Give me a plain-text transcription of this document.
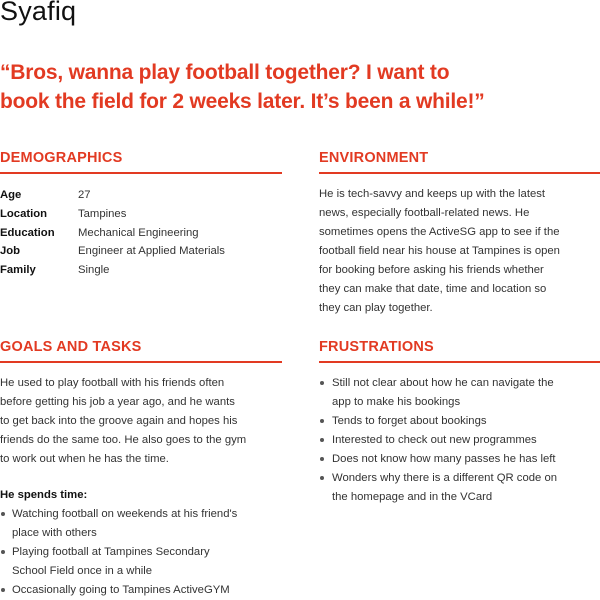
Syafiq
“Bros, wanna play football together? I want to
book the field for 2 weeks later. It’s been a while!”
DEMOGRAPHICS
Age	27
Location	Tampines
Education	Mechanical Engineering
Job	Engineer at Applied Materials
Family	Single
ENVIRONMENT
He is tech-savvy and keeps up with the latest
news, especially football-related news. He
sometimes opens the ActiveSG app to see if the
football field near his house at Tampines is open
for booking before asking his friends whether
they can make that date, time and location so
they can play together.
GOALS AND TASKS
He used to play football with his friends often
before getting his job a year ago, and he wants
to get back into the groove again and hopes his
friends do the same too. He also goes to the gym
to work out when he has the time.

He spends time:

Watching football on weekends at his friend's
place with others
Playing football at Tampines Secondary
School Field once in a while
Occasionally going to Tampines ActiveGYM
FRUSTRATIONS
Still not clear about how he can navigate the
app to make his bookings
Tends to forget about bookings
Interested to check out new programmes
Does not know how many passes he has left
Wonders why there is a different QR code on
the homepage and in the VCard
